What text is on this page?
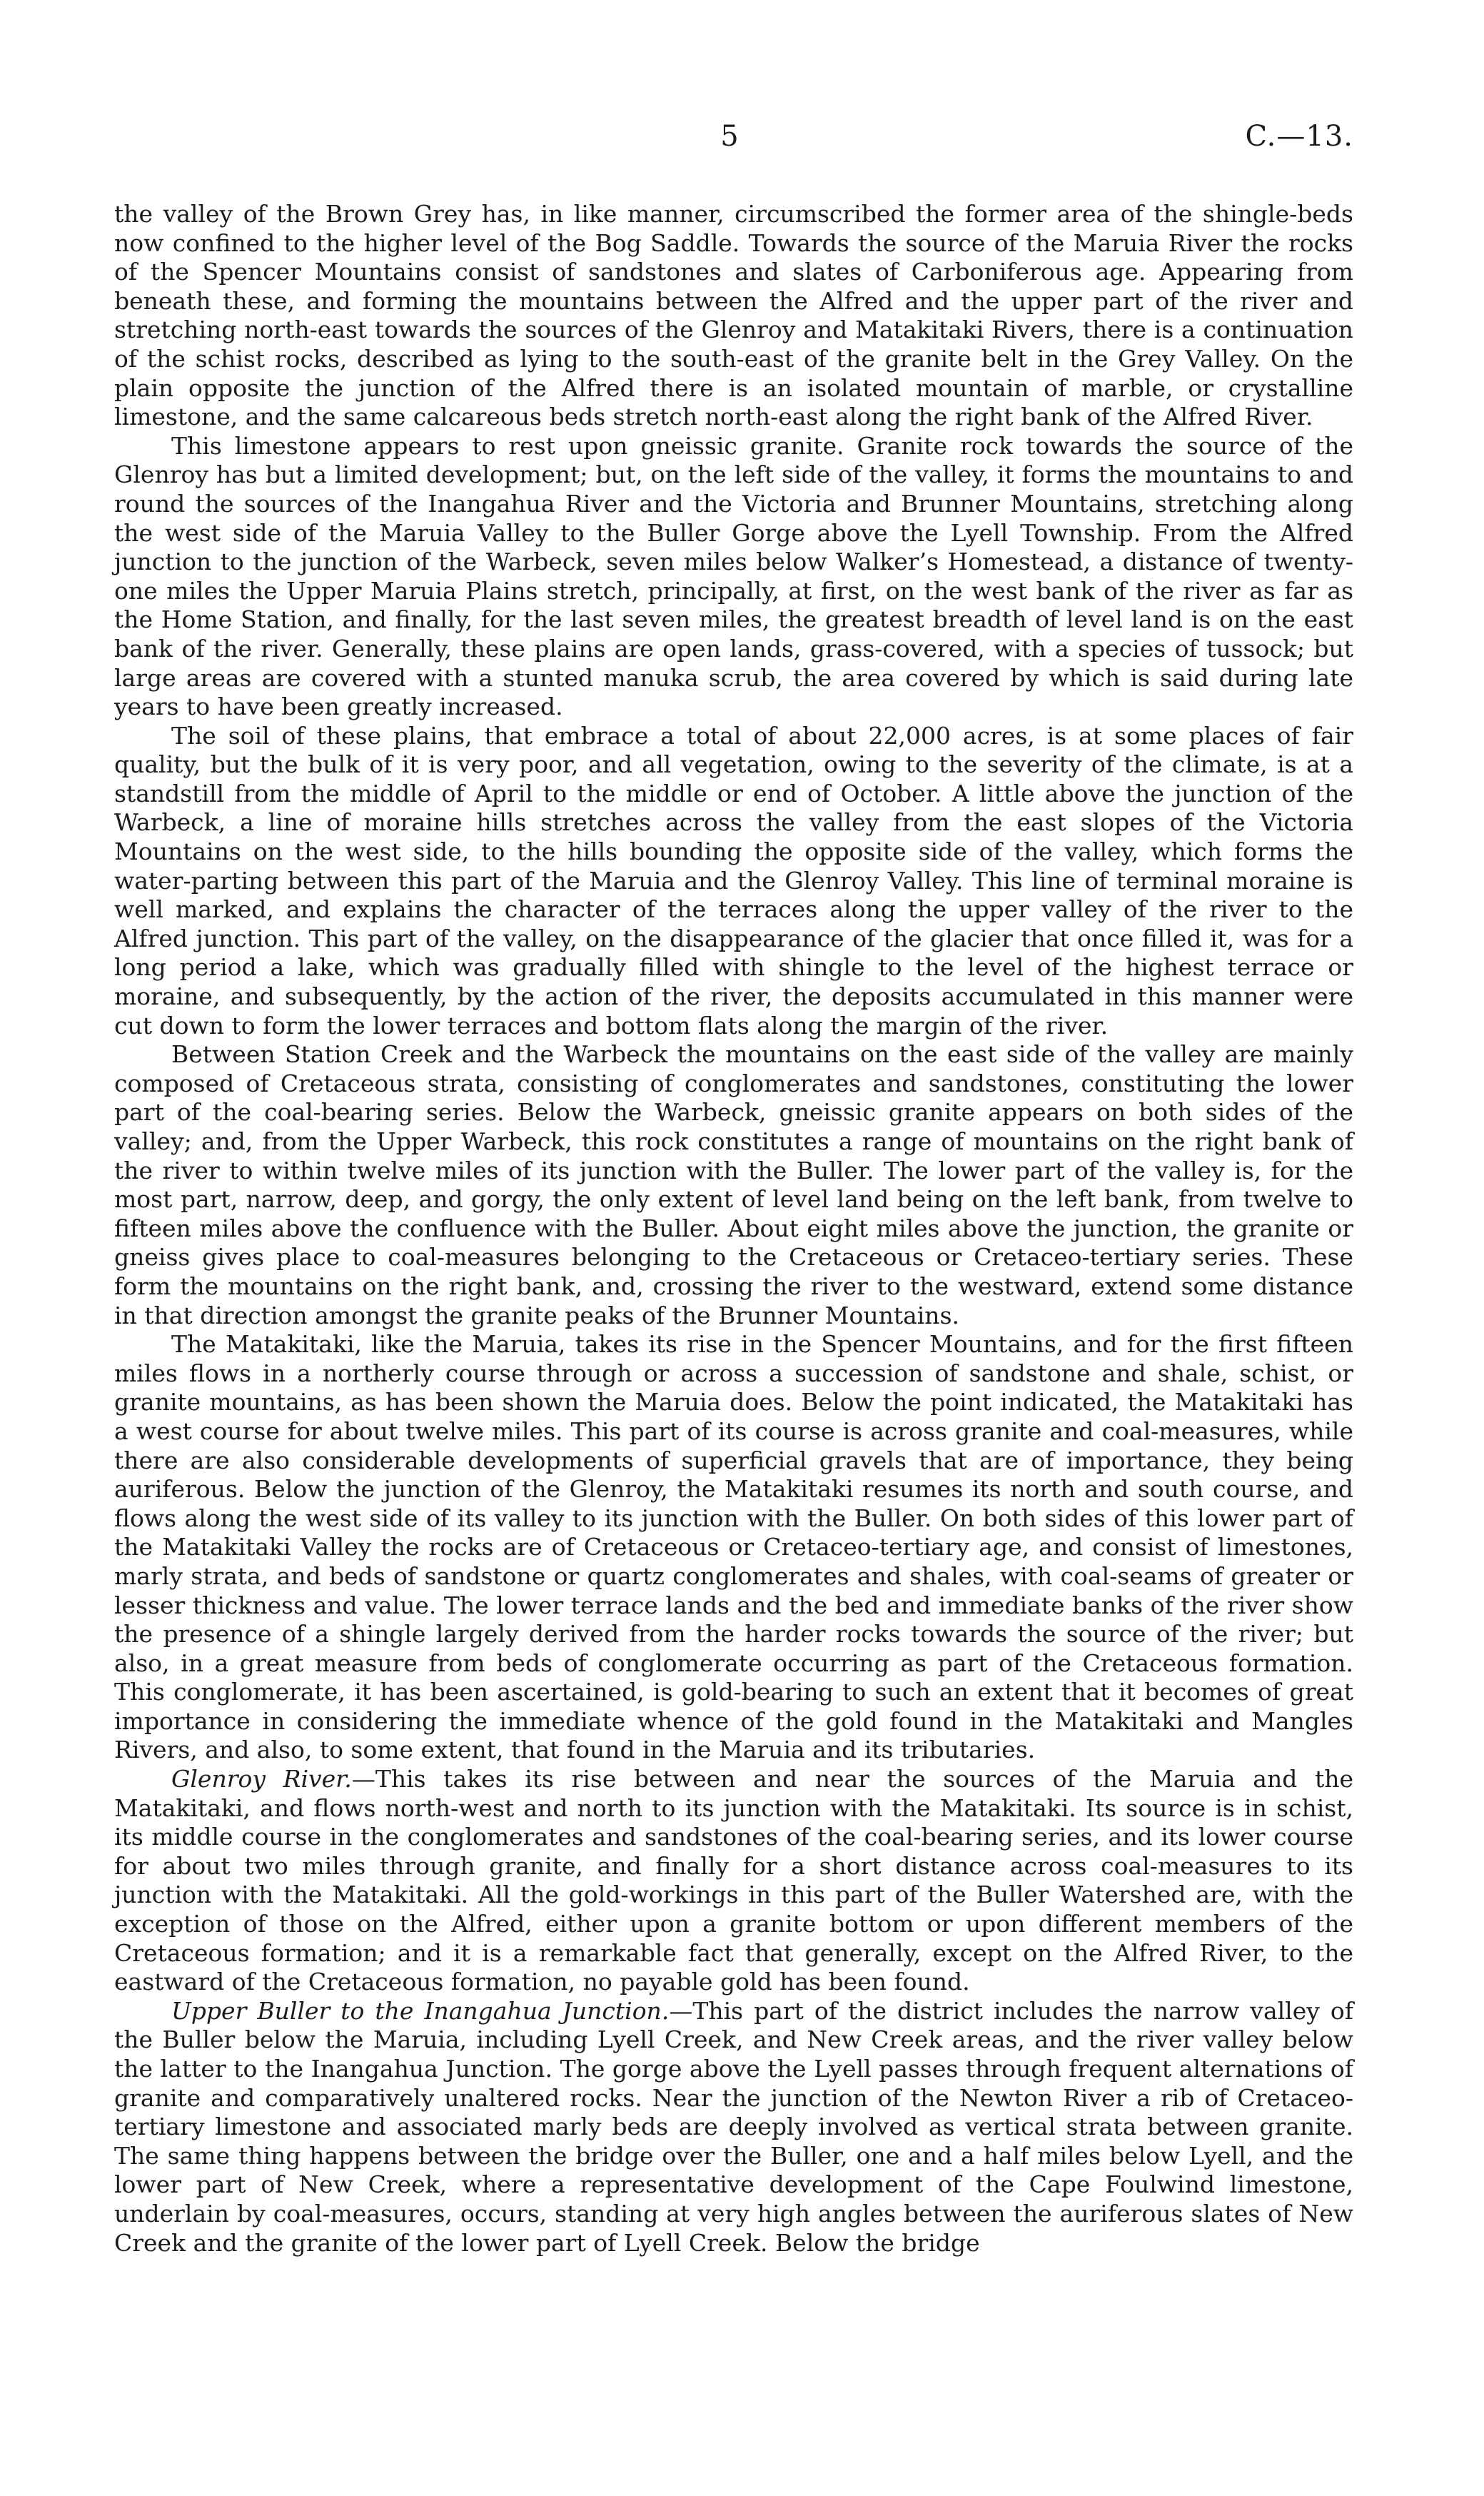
5	C.—13.

the valley of the Brown Grey has, in like manner, circumscribed the former area of the shingle-beds now confined to the higher level of the Bog Saddle. Towards the source of the Maruia River the rocks of the Spencer Mountains consist of sandstones and slates of Carboniferous age. Appearing from beneath these, and forming the mountains between the Alfred and the upper part of the river and stretching north-east towards the sources of the Glenroy and Matakitaki Rivers, there is a continuation of the schist rocks, described as lying to the south-east of the granite belt in the Grey Valley. On the plain opposite the junction of the Alfred there is an isolated mountain of marble, or crystalline limestone, and the same calcareous beds stretch north-east along the right bank of the Alfred River.

This limestone appears to rest upon gneissic granite. Granite rock towards the source of the Glenroy has but a limited development; but, on the left side of the valley, it forms the mountains to and round the sources of the Inangahua River and the Victoria and Brunner Mountains, stretching along the west side of the Maruia Valley to the Buller Gorge above the Lyell Township. From the Alfred junction to the junction of the Warbeck, seven miles below Walker’s Homestead, a distance of twenty-one miles the Upper Maruia Plains stretch, principally, at first, on the west bank of the river as far as the Home Station, and finally, for the last seven miles, the greatest breadth of level land is on the east bank of the river. Generally, these plains are open lands, grass-covered, with a species of tussock; but large areas are covered with a stunted manuka scrub, the area covered by which is said during late years to have been greatly increased.

The soil of these plains, that embrace a total of about 22,000 acres, is at some places of fair quality, but the bulk of it is very poor, and all vegetation, owing to the severity of the climate, is at a standstill from the middle of April to the middle or end of October. A little above the junction of the Warbeck, a line of moraine hills stretches across the valley from the east slopes of the Victoria Mountains on the west side, to the hills bounding the opposite side of the valley, which forms the water-parting between this part of the Maruia and the Glenroy Valley. This line of terminal moraine is well marked, and explains the character of the terraces along the upper valley of the river to the Alfred junction. This part of the valley, on the disappearance of the glacier that once filled it, was for a long period a lake, which was gradually filled with shingle to the level of the highest terrace or moraine, and subsequently, by the action of the river, the deposits accumulated in this manner were cut down to form the lower terraces and bottom flats along the margin of the river.

Between Station Creek and the Warbeck the mountains on the east side of the valley are mainly composed of Cretaceous strata, consisting of conglomerates and sandstones, constituting the lower part of the coal-bearing series. Below the Warbeck, gneissic granite appears on both sides of the valley; and, from the Upper Warbeck, this rock constitutes a range of mountains on the right bank of the river to within twelve miles of its junction with the Buller. The lower part of the valley is, for the most part, narrow, deep, and gorgy, the only extent of level land being on the left bank, from twelve to fifteen miles above the confluence with the Buller. About eight miles above the junction, the granite or gneiss gives place to coal-measures belonging to the Cretaceous or Cretaceo-tertiary series. These form the mountains on the right bank, and, crossing the river to the westward, extend some distance in that direction amongst the granite peaks of the Brunner Mountains.

The Matakitaki, like the Maruia, takes its rise in the Spencer Mountains, and for the first fifteen miles flows in a northerly course through or across a succession of sandstone and shale, schist, or granite mountains, as has been shown the Maruia does. Below the point indicated, the Matakitaki has a west course for about twelve miles. This part of its course is across granite and coal-measures, while there are also considerable developments of superficial gravels that are of importance, they being auriferous. Below the junction of the Glenroy, the Matakitaki resumes its north and south course, and flows along the west side of its valley to its junction with the Buller. On both sides of this lower part of the Matakitaki Valley the rocks are of Cretaceous or Cretaceo-tertiary age, and consist of limestones, marly strata, and beds of sandstone or quartz conglomerates and shales, with coal-seams of greater or lesser thickness and value. The lower terrace lands and the bed and immediate banks of the river show the presence of a shingle largely derived from the harder rocks towards the source of the river; but also, in a great measure from beds of conglomerate occurring as part of the Cretaceous formation. This conglomerate, it has been ascertained, is gold-bearing to such an extent that it becomes of great importance in considering the immediate whence of the gold found in the Matakitaki and Mangles Rivers, and also, to some extent, that found in the Maruia and its tributaries.

Glenroy River.—This takes its rise between and near the sources of the Maruia and the Matakitaki, and flows north-west and north to its junction with the Matakitaki. Its source is in schist, its middle course in the conglomerates and sandstones of the coal-bearing series, and its lower course for about two miles through granite, and finally for a short distance across coal-measures to its junction with the Matakitaki. All the gold-workings in this part of the Buller Watershed are, with the exception of those on the Alfred, either upon a granite bottom or upon different members of the Cretaceous formation; and it is a remarkable fact that generally, except on the Alfred River, to the eastward of the Cretaceous formation, no payable gold has been found.

Upper Buller to the Inangahua Junction.—This part of the district includes the narrow valley of the Buller below the Maruia, including Lyell Creek, and New Creek areas, and the river valley below the latter to the Inangahua Junction. The gorge above the Lyell passes through frequent alternations of granite and comparatively unaltered rocks. Near the junction of the Newton River a rib of Cretaceo-tertiary limestone and associated marly beds are deeply involved as vertical strata between granite. The same thing happens between the bridge over the Buller, one and a half miles below Lyell, and the lower part of New Creek, where a representative development of the Cape Foulwind limestone, underlain by coal-measures, occurs, standing at very high angles between the auriferous slates of New Creek and the granite of the lower part of Lyell Creek. Below the bridge
